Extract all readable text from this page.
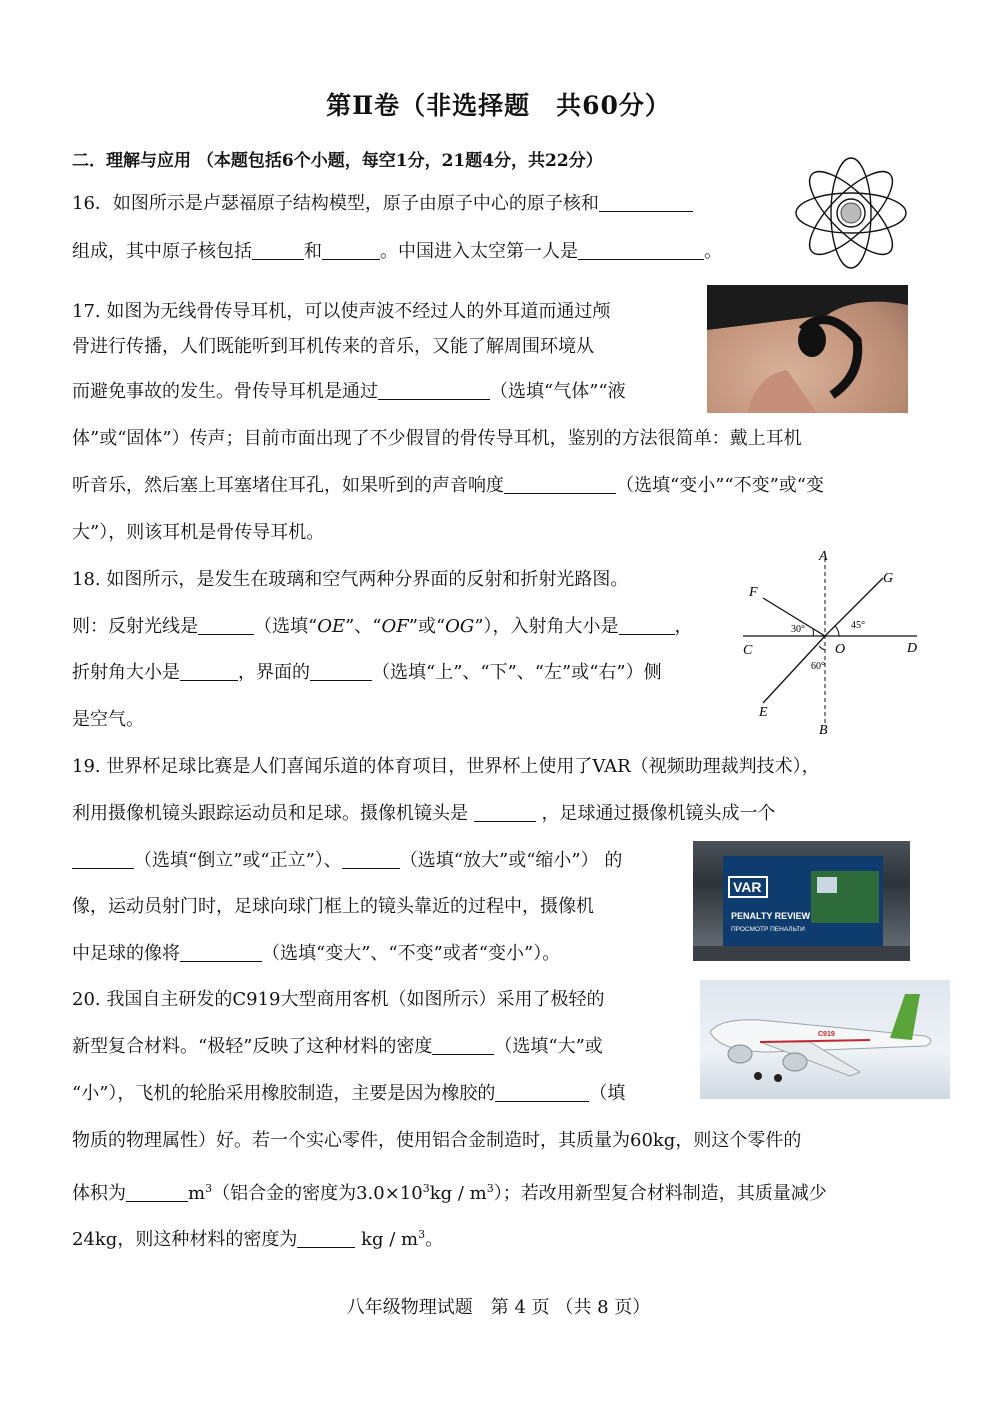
第Ⅱ卷（非选择题　共60分）
二．理解与应用 （本题包括6个小题，每空1分，21题4分，共22分）
16．如图所示是卢瑟福原子结构模型，原子由原子中心的原子核和
组成，其中原子核包括	和	。中国进入太空第一人是	。
17. 如图为无线骨传导耳机，可以使声波不经过人的外耳道而通过颅
骨进行传播，人们既能听到耳机传来的音乐，又能了解周围环境从
而避免事故的发生。骨传导耳机是通过	（选填“气体”“液
体”或“固体”）传声；目前市面出现了不少假冒的骨传导耳机，鉴别的方法很简单：戴上耳机
听音乐，然后塞上耳塞堵住耳孔，如果听到的声音响度	（选填“变小”“不变”或“变
大”），则该耳机是骨传导耳机。
18. 如图所示，是发生在玻璃和空气两种分界面的反射和折射光路图。
则：反射光线是	（选填“OE”、“OF”或“OG”），入射角大小是	，
折射角大小是	，界面的	（选填“上”、“下”、“左”或“右”）侧
是空气。
A
B
C	D
E
F
G
O
30°	45°
60°
19. 世界杯足球比赛是人们喜闻乐道的体育项目，世界杯上使用了VAR（视频助理裁判技术），
利用摄像机镜头跟踪运动员和足球。摄像机镜头是	，足球通过摄像机镜头成一个
（选填“倒立”或“正立”）、	（选填“放大”或“缩小”） 的
像，运动员射门时，足球向球门框上的镜头靠近的过程中，摄像机
中足球的像将	（选填“变大”、“不变”或者“变小”）。
VAR
PENALTY REVIEW
ПРОСМОТР ПЕНАЛЬТИ
20. 我国自主研发的C919大型商用客机（如图所示）采用了极轻的
新型复合材料。“极轻”反映了这种材料的密度	（选填“大”或
“小”），飞机的轮胎采用橡胶制造，主要是因为橡胶的	（填
物质的物理属性）好。若一个实心零件，使用铝合金制造时，其质量为60kg，则这个零件的
体积为	$m^3$（铝合金的密度为$3.0\times 10^3kg / m^3$）；若改用新型复合材料制造，其质量减少
24kg，则这种材料的密度为	kg / $m^3$。
C919
八年级物理试题　第 4 页 （共 8 页）
